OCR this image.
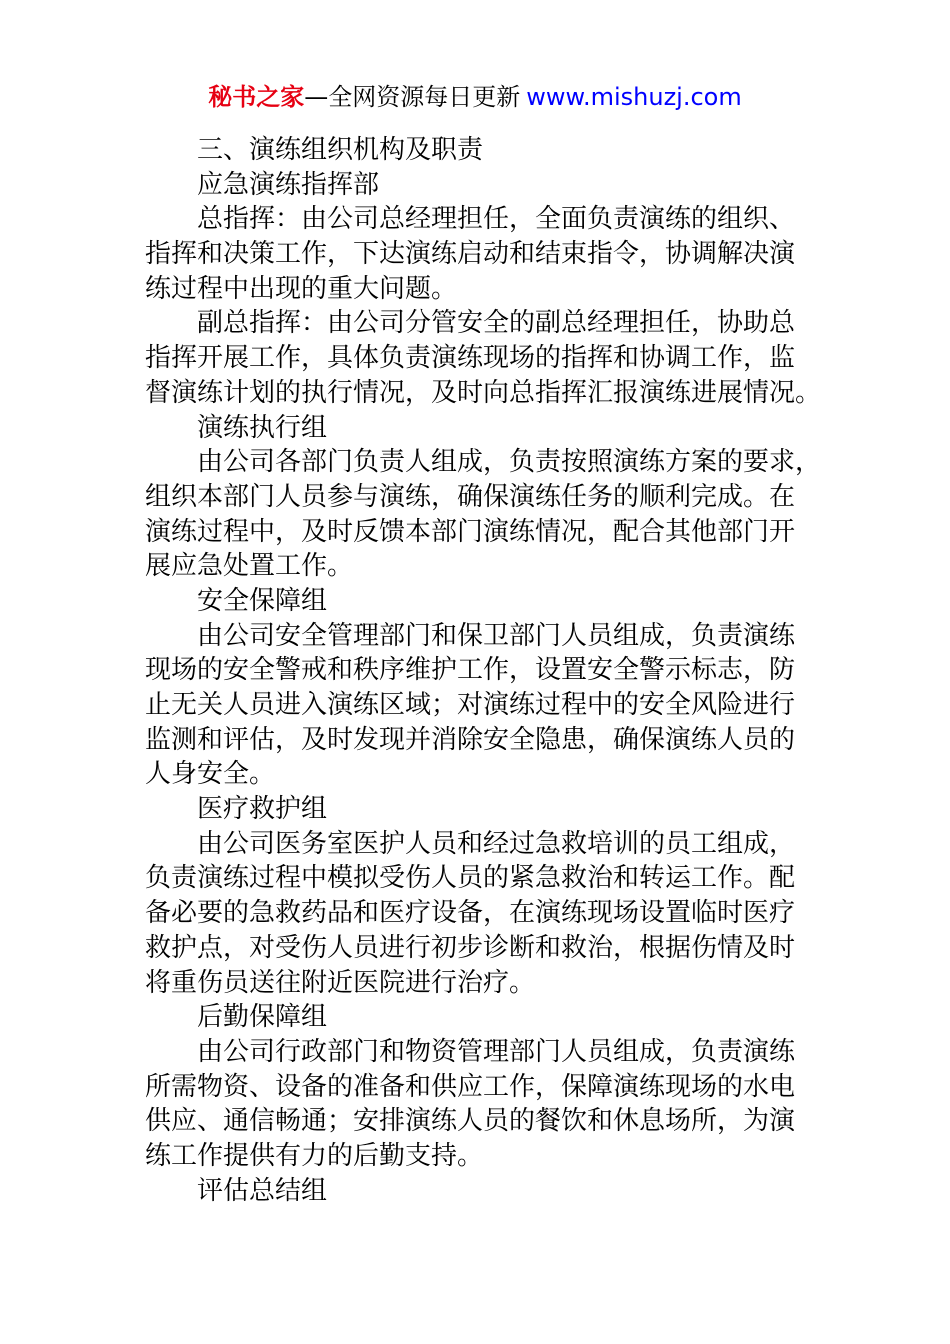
秘书之家—全网资源每日更新 www.mishuzj.com
三、演练组织机构及职责
应急演练指挥部
总指挥：由公司总经理担任，全面负责演练的组织、
指挥和决策工作，下达演练启动和结束指令，协调解决演
练过程中出现的重大问题。
副总指挥：由公司分管安全的副总经理担任，协助总
指挥开展工作，具体负责演练现场的指挥和协调工作，监
督演练计划的执行情况，及时向总指挥汇报演练进展情况。
演练执行组
由公司各部门负责人组成，负责按照演练方案的要求，
组织本部门人员参与演练，确保演练任务的顺利完成。在
演练过程中，及时反馈本部门演练情况，配合其他部门开
展应急处置工作。
安全保障组
由公司安全管理部门和保卫部门人员组成，负责演练
现场的安全警戒和秩序维护工作，设置安全警示标志，防
止无关人员进入演练区域；对演练过程中的安全风险进行
监测和评估，及时发现并消除安全隐患，确保演练人员的
人身安全。
医疗救护组
由公司医务室医护人员和经过急救培训的员工组成，
负责演练过程中模拟受伤人员的紧急救治和转运工作。配
备必要的急救药品和医疗设备，在演练现场设置临时医疗
救护点，对受伤人员进行初步诊断和救治，根据伤情及时
将重伤员送往附近医院进行治疗。
后勤保障组
由公司行政部门和物资管理部门人员组成，负责演练
所需物资、设备的准备和供应工作，保障演练现场的水电
供应、通信畅通；安排演练人员的餐饮和休息场所，为演
练工作提供有力的后勤支持。
评估总结组
